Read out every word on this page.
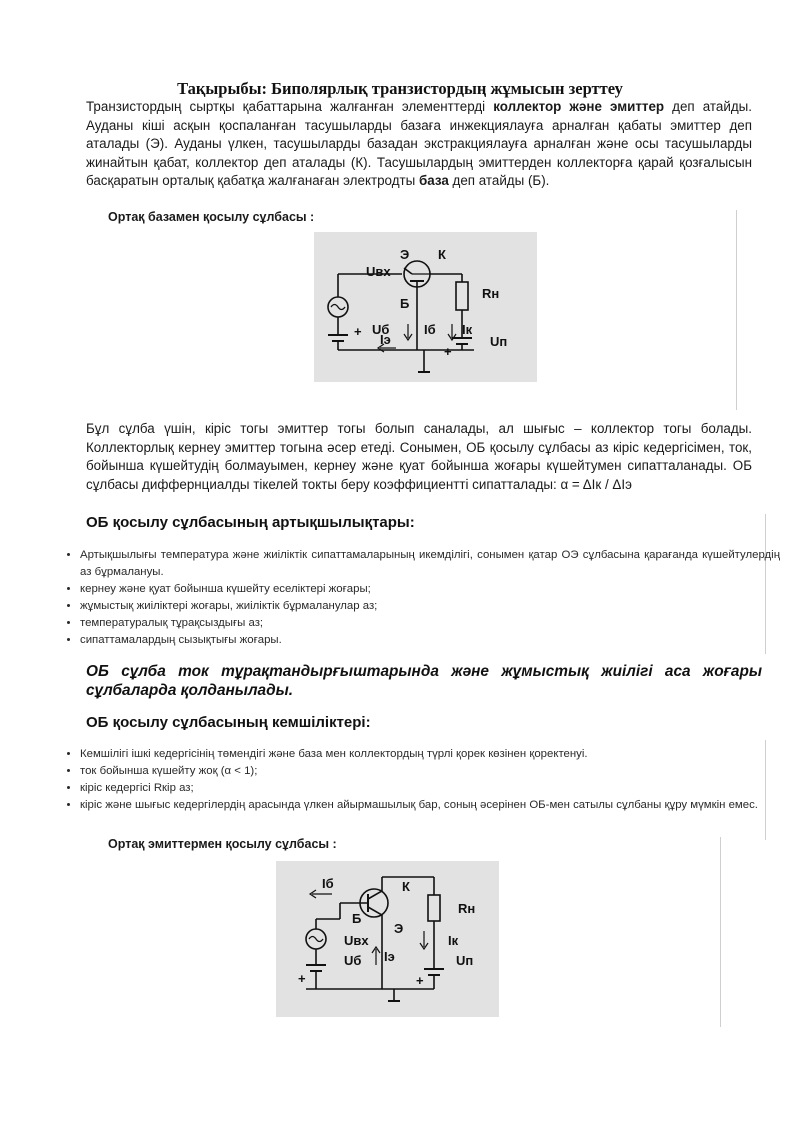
Тақырыбы: Биполярлық транзистордың жұмысын зерттеу
Транзистордың сыртқы қабаттарына жалғанған элементтерді коллектор және эмиттер деп атайды. Ауданы кіші асқын қоспаланған тасушыларды базаға инжекциялауға арналған қабаты эмиттер деп аталады (Э). Ауданы үлкен, тасушыларды базадан экстракциялауға арналған және осы тасушыларды жинайтын қабат, коллектор деп аталады (К). Тасушылардың эмиттерден коллекторға қарай қозғалысын басқаратын орталық қабатқа жалғанаған электродты база деп атайды (Б).
Ортақ базамен қосылу сұлбасы :
Э К
Uвх
Б
Rн
Uб
+
Iэ
Iб Iк
Uп
+
Бұл сұлба үшін, кіріс тогы эмиттер тогы болып саналады, ал шығыс – коллектор тогы болады. Коллекторлық кернеу эмиттер тогына әсер етеді. Сонымен, ОБ қосылу сұлбасы аз кіріс кедергісімен, ток, бойынша күшейтудің болмауымен, кернеу және қуат бойынша жоғары күшейтумен сипатталанады. ОБ сұлбасы диффернциалды тікелей токты беру коэффициентті сипатталады: α = ΔIк / ΔIэ
ОБ қосылу сұлбасының артықшылықтары:
• Артықшылығы температура және жиіліктік сипаттамаларының икемділігі, сонымен қатар ОЭ сұлбасына қарағанда күшейтулердің аз бұрмалануы.
• кернеу және қуат бойынша күшейту еселіктері жоғары;
• жұмыстық жиіліктері жоғары, жиіліктік бұрмаланулар аз;
• температуралық тұрақсыздығы аз;
• сипаттамалардың сызықтығы жоғары.
ОБ сұлба ток тұрақтандырғыштарында және жұмыстық жиілігі аса жоғары сұлбаларда қолданылады.
ОБ қосылу сұлбасының кемшіліктері:
• Кемшілігі ішкі кедергісінің төмендігі және база мен коллектордың түрлі қорек көзінен қоректенуі.
• ток бойынша күшейту жоқ (α < 1);
• кіріс кедергісі Rкір аз;
• кіріс және шығыс кедергілердің арасында үлкен айырмашылық бар, соның әсерінен ОБ-мен сатылы сұлбаны құру мүмкін емес.
Ортақ эмиттермен қосылу сұлбасы :
Iб	К
Б
Э
Rн
Uвх
Uб Iэ
Iк
Uп
+	+
